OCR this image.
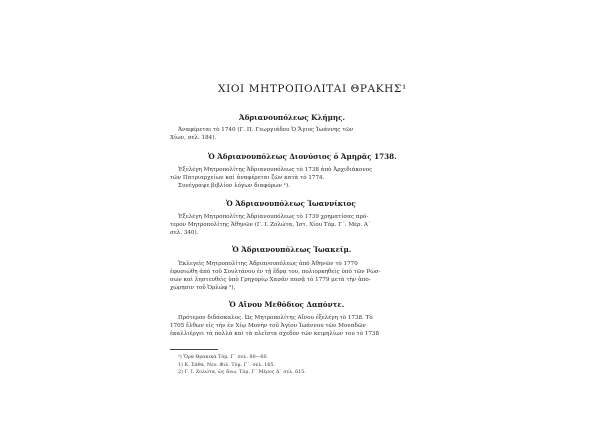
ΧΙΟΙ ΜΗΤΡΟΠΟΛΙΤΑΙ ΘΡΑΚΗΣ¹
Ἀδριανουπόλεως Κλήμης.
Ἀναφέρεται τὸ 1740 (Γ. Π. Γεωργιάδου Ὁ Ἅγιος Ἰωάννης τῶν
Χίων, σελ. 184).
Ὁ Ἀδριανουπόλεως Διονύσιος ὁ Ἀμηρᾶς 1738.
Ἐξελέγη Μητροπολίτης Ἀδριανουπόλεως τὸ 1738 ἀπὸ Ἀρχιδιάκονος
τῶν Πατριαρχείων καὶ ἀναφέρεται ζῶν κατὰ τὸ 1774.
Συνέγραψε βιβλίον λόγων διαφόρων ¹).
Ὁ Ἀδριανουπόλεως Ἰωαννίκιος
Ἐξελέγη Μητροπολίτης Ἀδριανουπόλεως τὸ 1739 χρηματίσας πρό-
τερον Μητροπολίτης Ἀθηνῶν (Γ. Ι. Ζολώτα, Ἱστ. Χίου Τόμ. Γ΄. Μέρ. Α΄
σελ. 340).
Ὁ Ἀδριανουπόλεως Ἰωακείμ.
Ἐκλεγεὶς Μητροπολίτης Ἀδριανουπόλεως ἀπὸ Ἀθηνῶν τὸ 1770
ἐφυσιώθη ἀπὸ τοῦ Σουλτάνου ἐν τῇ ἕδρᾳ του, πολιορκηθεὶς ὑπὸ τῶν Ρώσ-
σων καὶ ληστευθεὶς ὑπὸ Γρηγορίῳ Χασᾶν πασᾷ τὸ 1779 μετὰ τὴν ἀπο-
χώρησιν τοῦ Ὀρλώφ ²).
Ὁ Αἴνου Μεθόδιος Δαπόντε.
Πρότερον διδάσκαλος. Ὡς Μητροπολίτης Αἴνου ἐξελέγη τὸ 1738. Τὸ
1705 ἔλθων εἰς τὴν ἐν Χίῳ Μονὴν τοῦ Ἁγίου Ἰωάννου τῶν Μοναδῶν
ἐκαλλιέργει τὰ πολλὰ καὶ τὰ πλεῖστα σχεδὸν τῶν κειμηλίων του τὸ 1738
¹) Ὅρα Θρακικὰ Τόμ. Γ΄ σελ. 80—60.
1) Κ. Σάθα, Νεο. Φιλ. Τόμ. Γ΄. σελ. 165.
2) Γ. Ι. Ζολώτα, ὡς ἄνω, Τόμ. Γ΄ Μέρος Δ΄ σελ. 615.
